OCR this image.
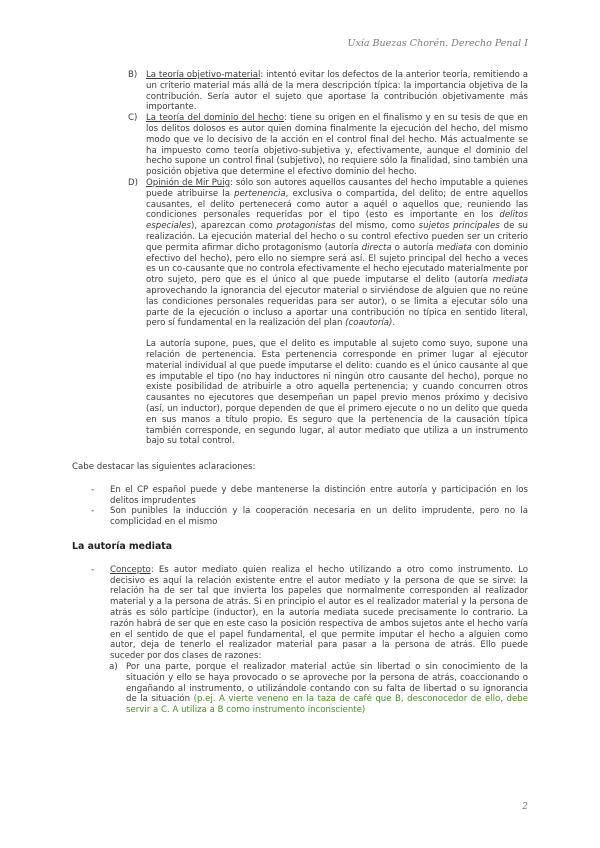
Uxía Buezas Chorén. Derecho Penal I
B) La teoría objetivo-material: intentó evitar los defectos de la anterior teoría, remitiendo a un criterio material más allá de la mera descripción típica: la importancia objetiva de la contribución. Sería autor el sujeto que aportase la contribución objetivamente más importante.
C) La teoría del dominio del hecho: tiene su origen en el finalismo y en su tesis de que en los delitos dolosos es autor quien domina finalmente la ejecución del hecho, del mismo modo que ve lo decisivo de la acción en el control final del hecho. Más actualmente se ha impuesto como teoría objetivo-subjetiva y, efectivamente, aunque el dominio del hecho supone un control final (subjetivo), no requiere sólo la finalidad, sino también una posición objetiva que determine el efectivo dominio del hecho.
D) Opinión de Mir Puig: sólo son autores aquellos causantes del hecho imputable a quienes puede atribuirse la pertenencia, exclusiva o compartida, del delito; de entre aquellos causantes, el delito pertenecerá como autor a aquél o aquellos que, reuniendo las condiciones personales requeridas por el tipo (esto es importante en los delitos especiales), aparezcan como protagonistas del mismo, como sujetos principales de su realización. La ejecución material del hecho o su control efectivo pueden ser un criterio que permita afirmar dicho protagonismo (autoría directa o autoría mediata con dominio efectivo del hecho), pero ello no siempre será así. El sujeto principal del hecho a veces es un co-causante que no controla efectivamente el hecho ejecutado materialmente por otro sujeto, pero que es el único al que puede imputarse el delito (autoría mediata aprovechando la ignorancia del ejecutor material o sirviéndose de alguien que no reúne las condiciones personales requeridas para ser autor), o se limita a ejecutar sólo una parte de la ejecución o incluso a aportar una contribución no típica en sentido literal, pero sí fundamental en la realización del plan (coautoría).
La autoría supone, pues, que el delito es imputable al sujeto como suyo, supone una relación de pertenencia. Esta pertenencia corresponde en primer lugar al ejecutor material individual al que puede imputarse el delito: cuando es el único causante al que es imputable el tipo (no hay inductores ni ningún otro causante del hecho), porque no existe posibilidad de atribuirle a otro aquella pertenencia; y cuando concurren otros causantes no ejecutores que desempeñan un papel previo menos próximo y decisivo (así, un inductor), porque dependen de que el primero ejecute o no un delito que queda en sus manos a título propio. Es seguro que la pertenencia de la causación típica también corresponde, en segundo lugar, al autor mediato que utiliza a un instrumento bajo su total control.
Cabe destacar las siguientes aclaraciones:
- En el CP español puede y debe mantenerse la distinción entre autoría y participación en los delitos imprudentes
- Son punibles la inducción y la cooperación necesaria en un delito imprudente, pero no la complicidad en el mismo
La autoría mediata
- Concepto: Es autor mediato quien realiza el hecho utilizando a otro como instrumento. Lo decisivo es aquí la relación existente entre el autor mediato y la persona de que se sirve: la relación ha de ser tal que invierta los papeles que normalmente corresponden al realizador material y a la persona de atrás. Si en principio el autor es el realizador material y la persona de atrás es sólo partícipe (inductor), en la autoría mediata sucede precisamente lo contrario. La razón habrá de ser que en este caso la posición respectiva de ambos sujetos ante el hecho varía en el sentido de que el papel fundamental, el que permite imputar el hecho a alguien como autor, deja de tenerlo el realizador material para pasar a la persona de atrás. Ello puede suceder por dos clases de razones:
a) Por una parte, porque el realizador material actúe sin libertad o sin conocimiento de la situación y ello se haya provocado o se aproveche por la persona de atrás, coaccionando o engañando al instrumento, o utilizándole contando con su falta de libertad o su ignorancia de la situación (p.ej. A vierte veneno en la taza de café que B, desconocedor de ello, debe servir a C. A utiliza a B como instrumento inconsciente)
2
